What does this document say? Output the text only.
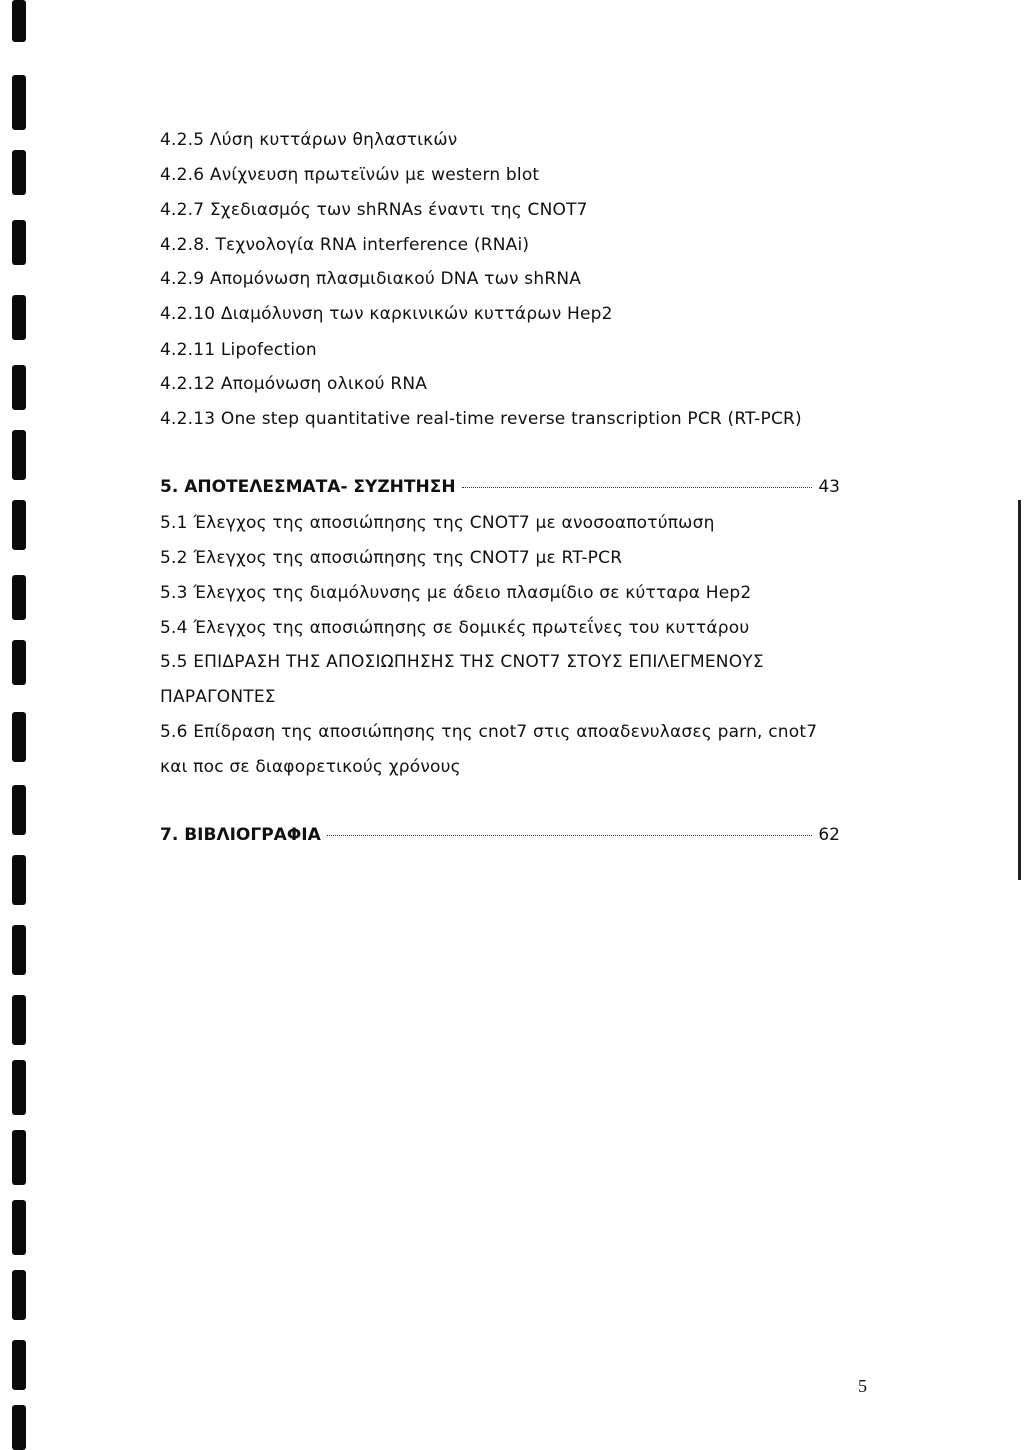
4.2.5 Λύση κυττάρων θηλαστικών
4.2.6 Ανίχνευση πρωτεϊνών με western blot
4.2.7 Σχεδιασμός των shRNAs έναντι της CNOT7
4.2.8. Τεχνολογία RNA interference (RNAi)
4.2.9 Απομόνωση πλασμιδιακού DNA των shRNA
4.2.10 Διαμόλυνση των καρκινικών κυττάρων Hep2
4.2.11 Lipofection
4.2.12 Απομόνωση ολικού RNA
4.2.13 One step quantitative real-time reverse transcription PCR (RT-PCR)
5. ΑΠΟΤΕΛΕΣΜΑΤΑ- ΣΥΖΗΤΗΣΗ	43
5.1 Έλεγχος της αποσιώπησης της CNOT7 με ανοσοαποτύπωση
5.2 Έλεγχος της αποσιώπησης της CNOT7 με RT-PCR
5.3 Έλεγχος της διαμόλυνσης με άδειο πλασμίδιο σε κύτταρα Hep2
5.4 Έλεγχος της αποσιώπησης σε δομικές πρωτεΐνες του κυττάρου
5.5 ΕΠΙΔΡΑΣΗ ΤΗΣ ΑΠΟΣΙΩΠΗΣΗΣ ΤΗΣ CNOT7 ΣΤΟΥΣ ΕΠΙΛΕΓΜΕΝΟΥΣ
ΠΑΡΑΓΟΝΤΕΣ
5.6 Επίδραση της αποσιώπησης της cnot7 στις αποαδενυλασες parn, cnot7
και ποc σε διαφορετικούς χρόνους
7. ΒΙΒΛΙΟΓΡΑΦΙΑ	62
5
